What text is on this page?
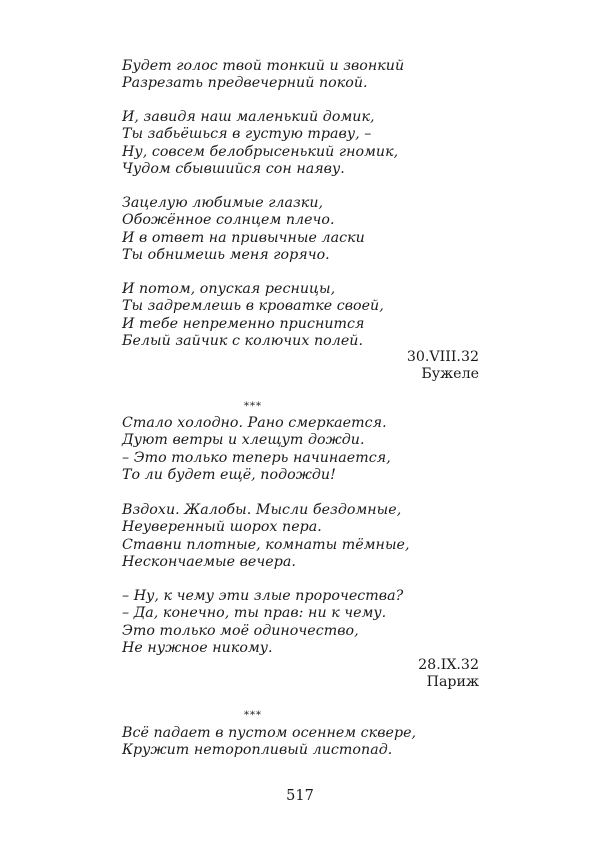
Будет голос твой тонкий и звонкий
Разрезать предвечерний покой.
И, завидя наш маленький домик,
Ты забьёшься в густую траву, –
Ну, совсем белобрысенький гномик,
Чудом сбывшийся сон наяву.
Зацелую любимые глазки,
Обожённое солнцем плечо.
И в ответ на привычные ласки
Ты обнимешь меня горячо.
И потом, опуская ресницы,
Ты задремлешь в кроватке своей,
И тебе непременно приснится
Белый зайчик с колючих полей.
30.VIII.32
Бужеле
***
Стало холодно. Рано смеркается.
Дуют ветры и хлещут дожди.
– Это только теперь начинается,
То ли будет ещё, подожди!
Вздохи. Жалобы. Мысли бездомные,
Неуверенный шорох пера.
Ставни плотные, комнаты тёмные,
Нескончаемые вечера.
– Ну, к чему эти злые пророчества?
– Да, конечно, ты прав: ни к чему.
Это только моё одиночество,
Не нужное никому.
28.IX.32
Париж
***
Всё падает в пустом осеннем сквере,
Кружит неторопливый листопад.
517
